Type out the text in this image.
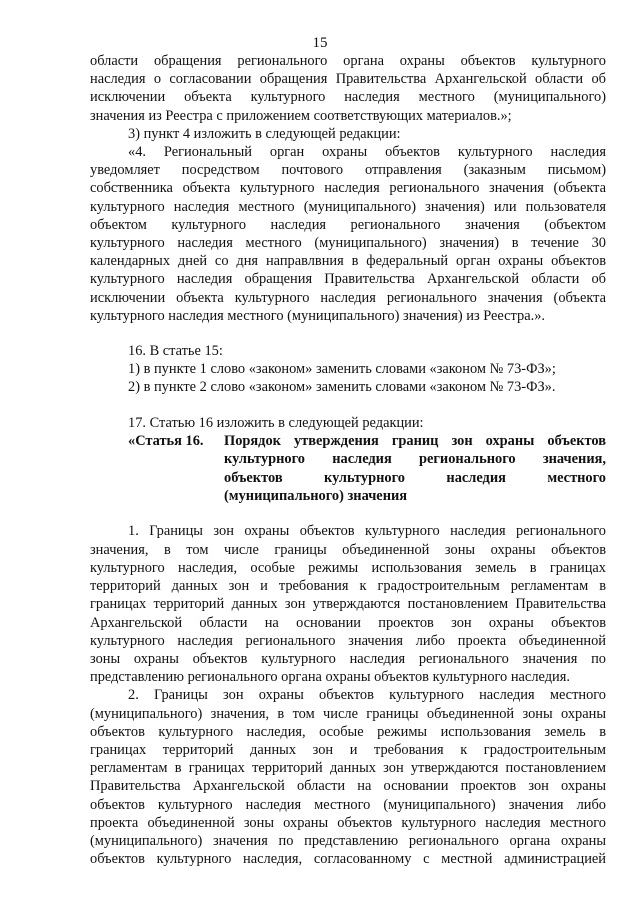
15
области обращения регионального органа охраны объектов культурного
наследия о согласовании обращения Правительства Архангельской области об
исключении объекта культурного наследия местного (муниципального)
значения из Реестра с приложением соответствующих материалов.»;

3) пункт 4 изложить в следующей редакции:

«4. Региональный орган охраны объектов культурного наследия
уведомляет посредством почтового отправления (заказным письмом)
собственника объекта культурного наследия регионального значения (объекта
культурного наследия местного (муниципального) значения) или пользователя
объектом культурного наследия регионального значения (объектом
культурного наследия местного (муниципального) значения) в течение 30
календарных дней со дня направлвния в федеральный орган охраны объектов
культурного наследия обращения Правительства Архангельской области об
исключении объекта культурного наследия регионального значения (объекта
культурного наследия местного (муниципального) значения) из Реестра.».

16. В статье 15:

1) в пункте 1 слово «законом» заменить словами «законом № 73-ФЗ»;

2) в пункте 2 слово «законом» заменить словами «законом № 73-ФЗ».

17. Статью 16 изложить в следующей редакции:

«Статья 16.	Порядок утверждения границ зон охраны объектов
культурного наследия регионального значения,
объектов культурного наследия местного
(муниципального) значения
1. Границы зон охраны объектов культурного наследия регионального
значения, в том числе границы объединенной зоны охраны объектов
культурного наследия, особые режимы использования земель в границах
территорий данных зон и требования к градостроительным регламентам в
границах территорий данных зон утверждаются постановлением Правительства
Архангельской области на основании проектов зон охраны объектов
культурного наследия регионального значения либо проекта объединенной
зоны охраны объектов культурного наследия регионального значения по
представлению регионального органа охраны объектов культурного наследия.
2. Границы зон охраны объектов культурного наследия местного
(муниципального) значения, в том числе границы объединенной зоны охраны
объектов культурного наследия, особые режимы использования земель в
границах территорий данных зон и требования к градостроительным
регламентам в границах территорий данных зон утверждаются постановлением
Правительства Архангельской области на основании проектов зон охраны
объектов культурного наследия местного (муниципального) значения либо
проекта объединенной зоны охраны объектов культурного наследия местного
(муниципального) значения по представлению регионального органа охраны
объектов культурного наследия, согласованному с местной администрацией
